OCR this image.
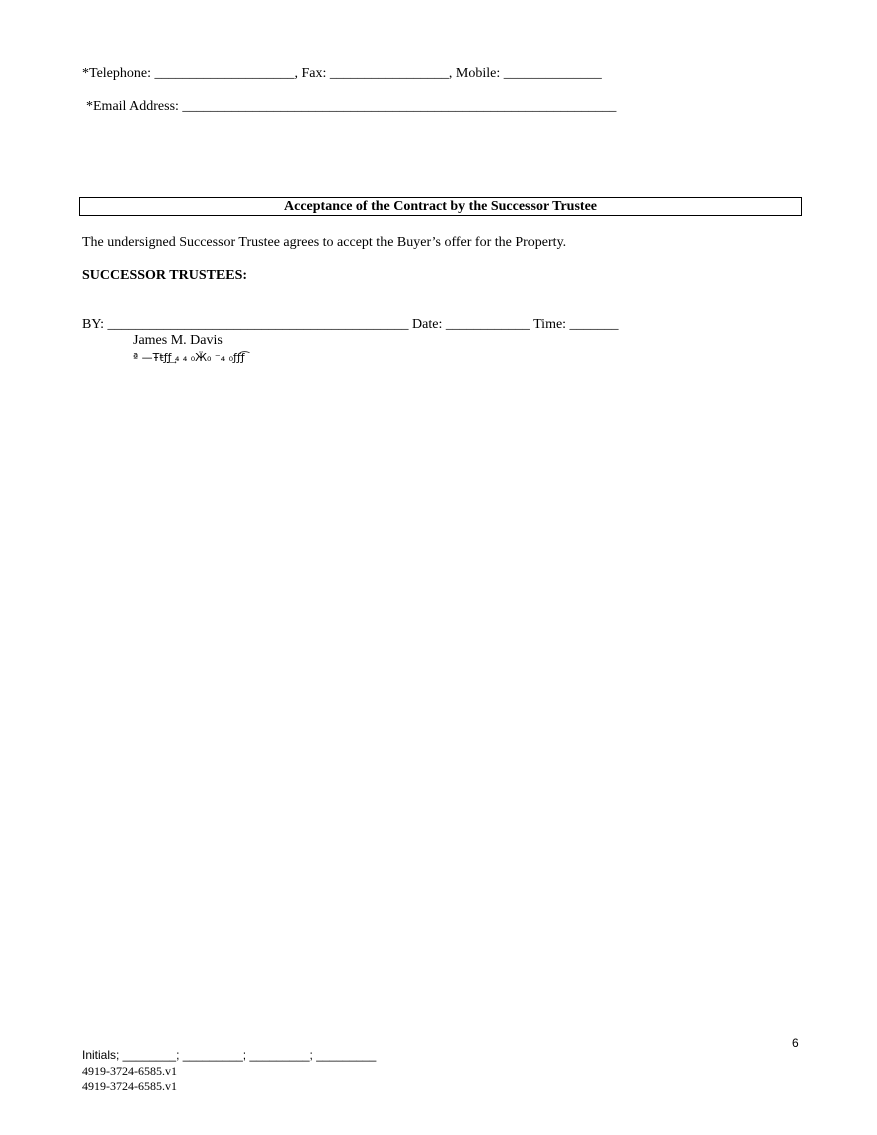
*Telephone: ____________________, Fax: _________________, Mobile: ______________
*Email Address: ______________________________________________________________
Acceptance of the Contract by the Successor Trustee
The undersigned Successor Trustee agrees to accept the Buyer’s offer for the Property.
SUCCESSOR TRUSTEES:
BY: ___________________________________________ Date: ____________ Time: _______
James M. Davis
ª —Ŧŧƒƒ͢ ₄ ₄ ₀Ӝ₀ ⁻₄ ₀ƒƒƒ͡
6
Initials; ________; _________; _________; _________
4919-3724-6585.v1
4919-3724-6585.v1
